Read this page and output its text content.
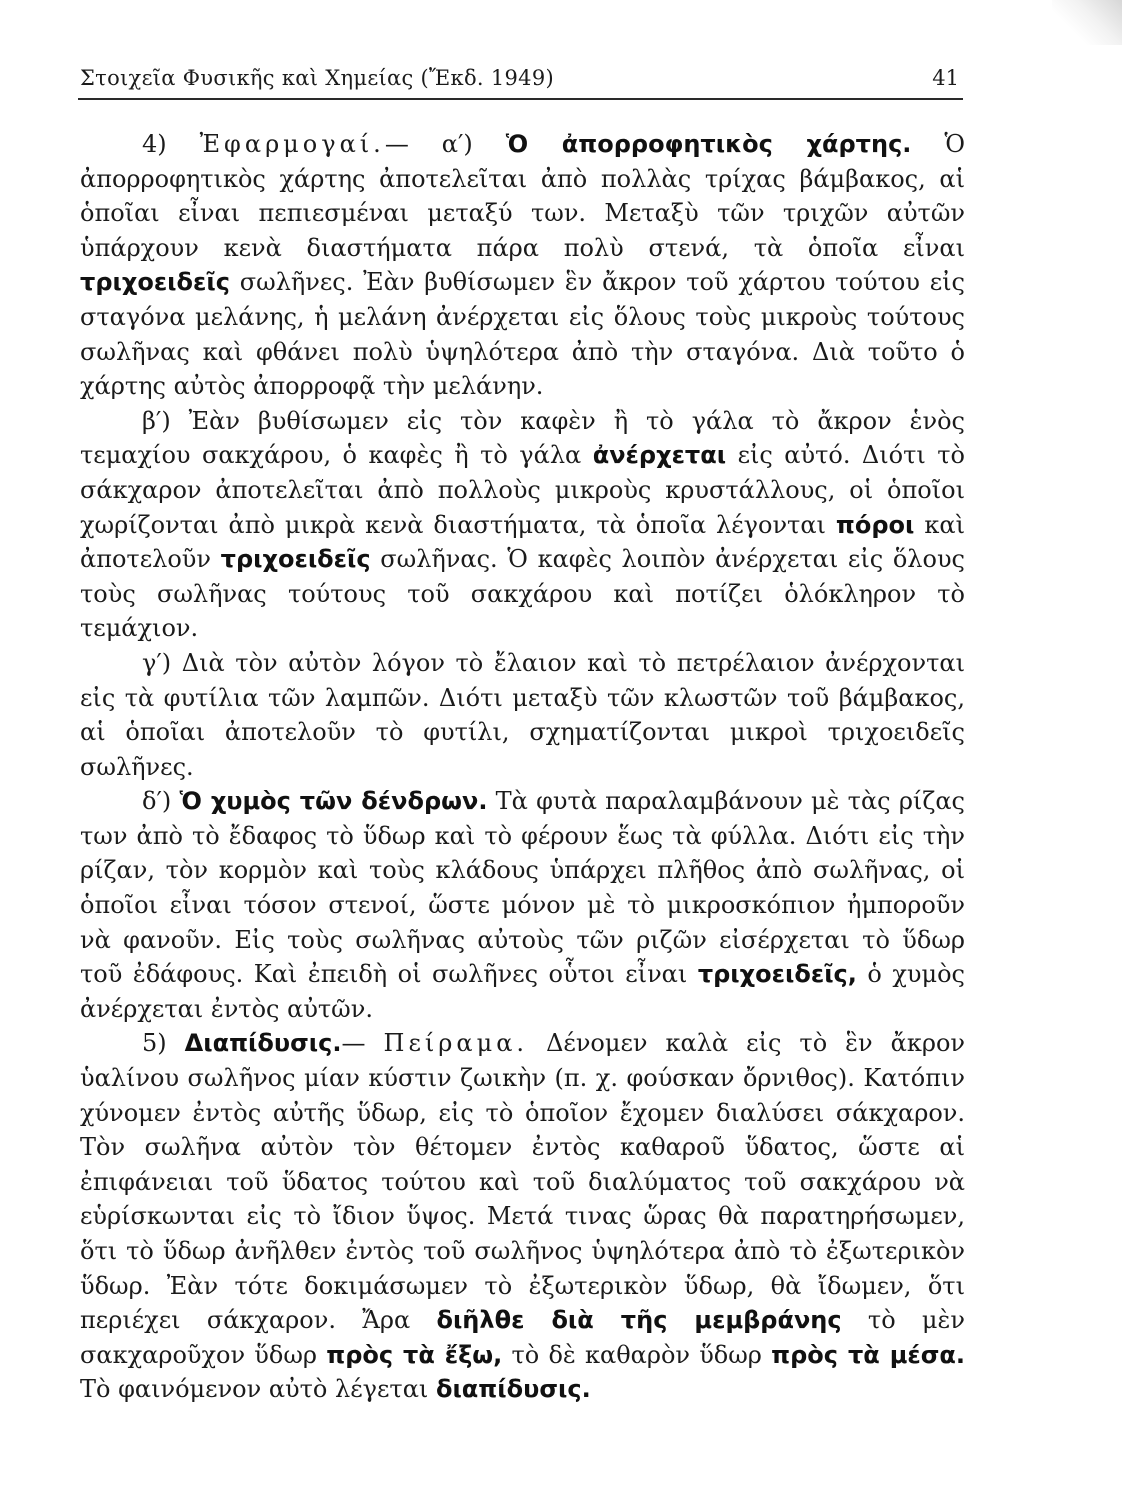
Στοιχεῖα Φυσικῆς καὶ Χημείας (Ἔκδ. 1949)	41

4) Ἐφαρμογαί.— α′) Ὁ ἀπορροφητικὸς χάρτης. Ὁ ἀπορροφητικὸς χάρτης ἀποτελεῖται ἀπὸ πολλὰς τρίχας βάμβακος, αἱ ὁποῖαι εἶναι πεπιεσμέναι μεταξύ των. Μεταξὺ τῶν τριχῶν αὐτῶν ὑπάρχουν κενὰ διαστήματα πάρα πολὺ στενά, τὰ ὁποῖα εἶναι τριχοειδεῖς σωλῆνες. Ἐὰν βυθίσωμεν ἓν ἄκρον τοῦ χάρτου τούτου εἰς σταγόνα μελάνης, ἡ μελάνη ἀνέρχεται εἰς ὅλους τοὺς μικροὺς τούτους σωλῆνας καὶ φθάνει πολὺ ὑψηλότερα ἀπὸ τὴν σταγόνα. Διὰ τοῦτο ὁ χάρτης αὐτὸς ἀπορροφᾷ τὴν μελάνην.

β′) Ἐὰν βυθίσωμεν εἰς τὸν καφὲν ἢ τὸ γάλα τὸ ἄκρον ἑνὸς τεμαχίου σακχάρου, ὁ καφὲς ἢ τὸ γάλα ἀνέρχεται εἰς αὐτό. Διότι τὸ σάκχαρον ἀποτελεῖται ἀπὸ πολλοὺς μικροὺς κρυστάλλους, οἱ ὁποῖοι χωρίζονται ἀπὸ μικρὰ κενὰ διαστήματα, τὰ ὁποῖα λέγονται πόροι καὶ ἀποτελοῦν τριχοειδεῖς σωλῆνας. Ὁ καφὲς λοιπὸν ἀνέρχεται εἰς ὅλους τοὺς σωλῆνας τούτους τοῦ σακχάρου καὶ ποτίζει ὁλόκληρον τὸ τεμάχιον.

γ′) Διὰ τὸν αὐτὸν λόγον τὸ ἔλαιον καὶ τὸ πετρέλαιον ἀνέρχονται εἰς τὰ φυτίλια τῶν λαμπῶν. Διότι μεταξὺ τῶν κλωστῶν τοῦ βάμβακος, αἱ ὁποῖαι ἀποτελοῦν τὸ φυτίλι, σχηματίζονται μικροὶ τριχοειδεῖς σωλῆνες.

δ′) Ὁ χυμὸς τῶν δένδρων. Τὰ φυτὰ παραλαμβάνουν μὲ τὰς ρίζας των ἀπὸ τὸ ἔδαφος τὸ ὕδωρ καὶ τὸ φέρουν ἕως τὰ φύλλα. Διότι εἰς τὴν ρίζαν, τὸν κορμὸν καὶ τοὺς κλάδους ὑπάρχει πλῆθος ἀπὸ σωλῆνας, οἱ ὁποῖοι εἶναι τόσον στενοί, ὥστε μόνον μὲ τὸ μικροσκόπιον ἠμποροῦν νὰ φανοῦν. Εἰς τοὺς σωλῆνας αὐτοὺς τῶν ριζῶν εἰσέρχεται τὸ ὕδωρ τοῦ ἐδάφους. Καὶ ἐπειδὴ οἱ σωλῆνες οὗτοι εἶναι τριχοειδεῖς, ὁ χυμὸς ἀνέρχεται ἐντὸς αὐτῶν.

5) Διαπίδυσις.— Πείραμα. Δένομεν καλὰ εἰς τὸ ἓν ἄκρον ὑαλίνου σωλῆνος μίαν κύστιν ζωικὴν (π. χ. φούσκαν ὄρνιθος). Κατόπιν χύνομεν ἐντὸς αὐτῆς ὕδωρ, εἰς τὸ ὁποῖον ἔχομεν διαλύσει σάκχαρον. Τὸν σωλῆνα αὐτὸν τὸν θέτομεν ἐντὸς καθαροῦ ὕδατος, ὥστε αἱ ἐπιφάνειαι τοῦ ὕδατος τούτου καὶ τοῦ διαλύματος τοῦ σακχάρου νὰ εὑρίσκωνται εἰς τὸ ἴδιον ὕψος. Μετά τινας ὥρας θὰ παρατηρήσωμεν, ὅτι τὸ ὕδωρ ἀνῆλθεν ἐντὸς τοῦ σωλῆνος ὑψηλότερα ἀπὸ τὸ ἐξωτερικὸν ὕδωρ. Ἐὰν τότε δοκιμάσωμεν τὸ ἐξωτερικὸν ὕδωρ, θὰ ἴδωμεν, ὅτι περιέχει σάκχαρον. Ἄρα διῆλθε διὰ τῆς μεμβράνης τὸ μὲν σακχαροῦχον ὕδωρ πρὸς τὰ ἔξω, τὸ δὲ καθαρὸν ὕδωρ πρὸς τὰ μέσα. Τὸ φαινόμενον αὐτὸ λέγεται διαπίδυσις.
